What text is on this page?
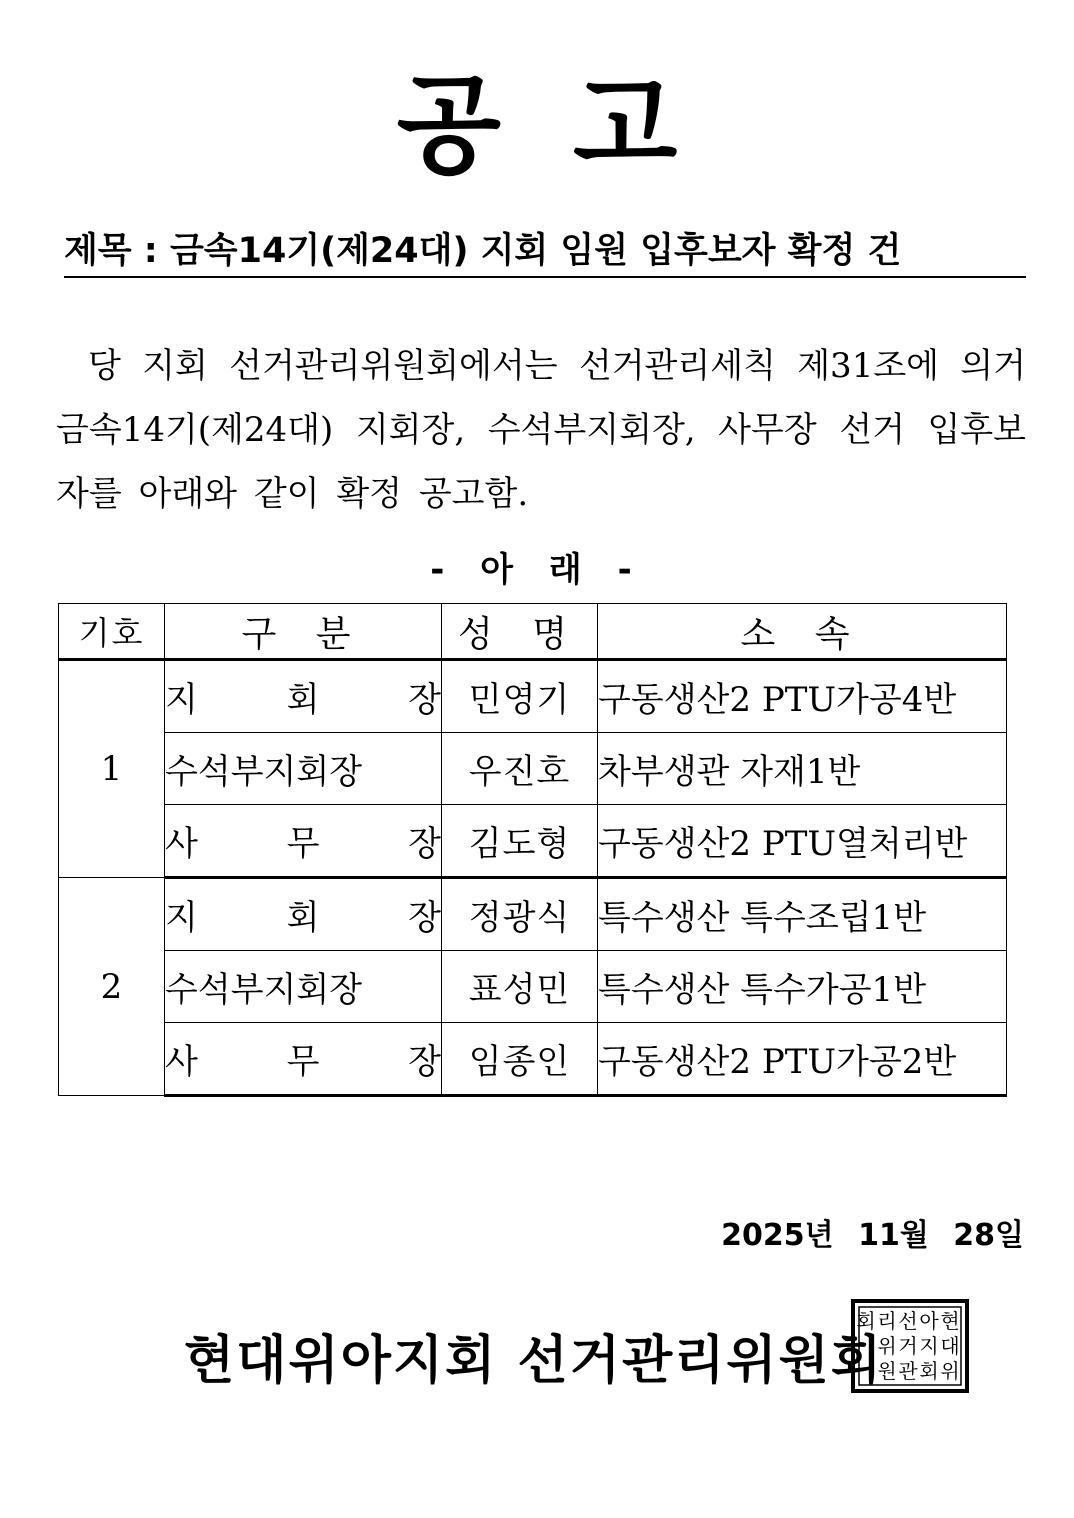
공고
제목 : 금속14기(제24대) 지회 임원 입후보자 확정 건
당 지회 선거관리위원회에서는 선거관리세칙 제31조에 의거 금속14기(제24대) 지회장, 수석부지회장, 사무장 선거 입후보자를 아래와 같이 확정 공고함.
- 아 래 -
기호	구 분	성 명	소 속
1	지 회 장	민영기	구동생산2 PTU가공4반

	수석부지회장	우진호	차부생관 자재1반

	사 무 장	김도형	구동생산2 PTU열처리반
2	지 회 장	정광식	특수생산 특수조립1반

	수석부지회장	표성민	특수생산 특수가공1반

	사 무 장	임종인	구동생산2 PTU가공2반
2025년 11월 28일
현대위아지회 선거관리위원회
현
대
위
아
지
회
선
거
관
리
위
원
회
